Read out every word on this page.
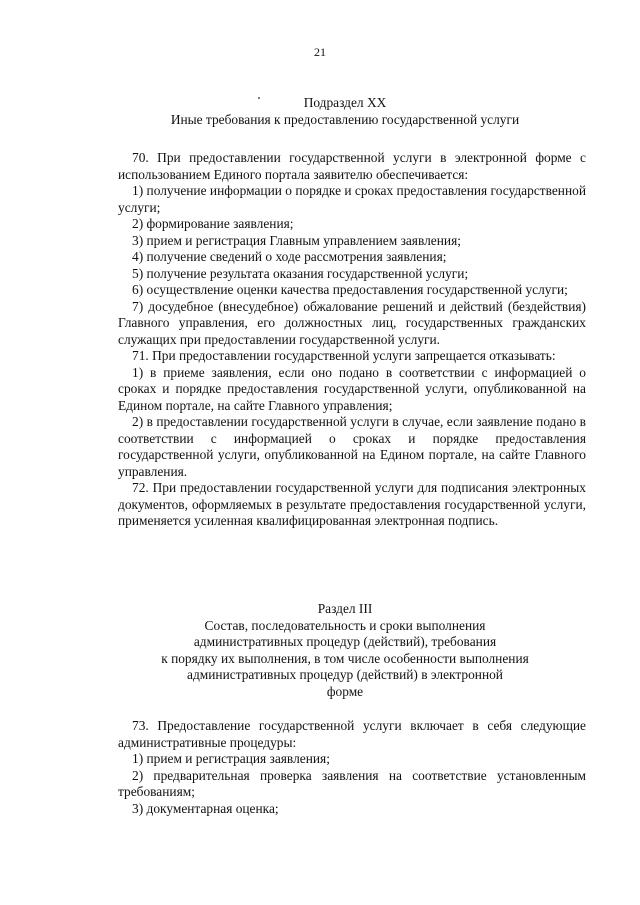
21
Подраздел XX
Иные требования к предоставлению государственной услуги

70. При предоставлении государственной услуги в электронной форме с использованием Единого портала заявителю обеспечивается:

1) получение информации о порядке и сроках предоставления государственной услуги;

2) формирование заявления;

3) прием и регистрация Главным управлением заявления;

4) получение сведений о ходе рассмотрения заявления;

5) получение результата оказания государственной услуги;

6) осуществление оценки качества предоставления государственной услуги;

7) досудебное (внесудебное) обжалование решений и действий (бездействия) Главного управления, его должностных лиц, государственных гражданских служащих при предоставлении государственной услуги.

71. При предоставлении государственной услуги запрещается отказывать:

1) в приеме заявления, если оно подано в соответствии с информацией о сроках и порядке предоставления государственной услуги, опубликованной на Едином портале, на сайте Главного управления;

2) в предоставлении государственной услуги в случае, если заявление подано в соответствии с информацией о сроках и порядке предоставления государственной услуги, опубликованной на Едином портале, на сайте Главного управления.

72. При предоставлении государственной услуги для подписания электронных документов, оформляемых в результате предоставления государственной услуги, применяется усиленная квалифицированная электронная подпись.

Раздел III
Состав, последовательность и сроки выполнения
административных процедур (действий), требования
к порядку их выполнения, в том числе особенности выполнения
административных процедур (действий) в электронной
форме

73. Предоставление государственной услуги включает в себя следующие административные процедуры:

1) прием и регистрация заявления;

2) предварительная проверка заявления на соответствие установленным требованиям;

3) документарная оценка;
